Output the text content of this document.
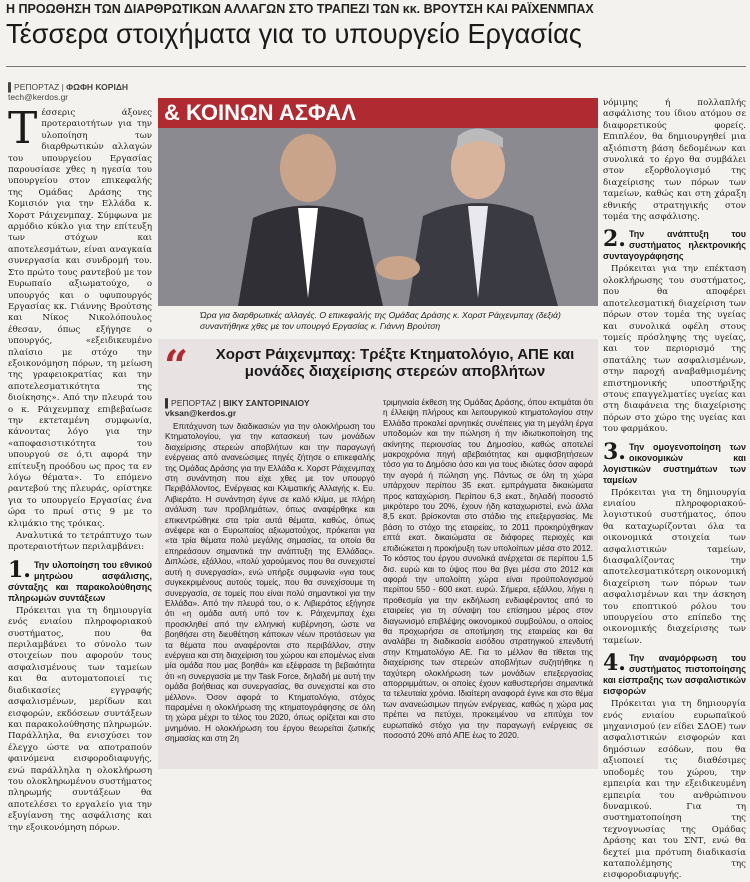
Η ΠΡΟΩΘΗΣΗ ΤΩΝ ΔΙΑΡΘΡΩΤΙΚΩΝ ΑΛΛΑΓΩΝ ΣΤΟ ΤΡΑΠΕΖΙ ΤΩΝ κκ. ΒΡΟΥΤΣΗ ΚΑΙ ΡΑΪΧΕΝΜΠΑΧ
Τέσσερα στοιχήματα για το υπουργείο Εργασίας
▌ΡΕΠΟΡΤΑΖ | ΦΩΦΗ ΚΟΡΙΔΗ
tech@kerdos.gr

Τέσσερις άξονες προτεραιοτήτων για την υλοποίηση των διαρθρωτικών αλλαγών του υπουργείου Εργασίας παρουσίασε χθες η ηγεσία του υπουργείου στον επικεφαλής της Ομάδας Δράσης της Κομισιόν για την Ελλάδα κ. Χορστ Ράιχενμπαχ. Σύμφωνα με αρμόδιο κύκλο για την επίτευξη των στόχων και αποτελεσμάτων, είναι αναγκαία συνεργασία και συνδρομή του. Στο πρώτο τους ραντεβού με τον Ευρωπαίο αξιωματούχο, ο υπουργός και ο υφυπουργός Εργασίας κκ. Γιάννης Βρούτσης και Νίκος Νικολόπουλος έθεσαν, όπως εξήγησε ο υπουργός, «εξειδικευμένο πλαίσιο με στόχο την εξοικονόμηση πόρων, τη μείωση της γραφειοκρατίας και την αποτελεσματικότητα της διοίκησης». Από την πλευρά του ο κ. Ράιχενμπαχ επιβεβαίωσε την εκτεταμένη συμφωνία, κάνοντας λόγο για την «αποφασιστικότητα του υπουργού σε ό,τι αφορά την επίτευξη προόδου ως προς τα εν λόγω θέματα». Το επόμενο ραντεβού της πλευράς, ορίστηκε για το υπουργείο Εργασίας ένα ώρα το πρωί στις 9 με το κλιμάκιο της τρόικας.

Αναλυτικά το τετράπτυχο των προτεραιοτήτων περιλαμβάνει:

1. Την υλοποίηση του εθνικού μητρώου ασφάλισης, σύνταξης και παρακολούθησης πληρωμών συντάξεων

Πρόκειται για τη δημιουργία ενός ενιαίου πληροφοριακού συστήματος, που θα περιλαμβάνει το σύνολο των στοιχείων που αφορούν τους ασφαλισμένους των ταμείων και θα αυτοματοποιεί τις διαδικασίες εγγραφής ασφαλισμένων, μερίδων και εισφορών, εκδόσεων συντάξεων και παρακολούθησης πληρωμών. Παράλληλα, θα ενισχύσει τον έλεγχο ώστε να αποτραπούν φαινόμενα εισφοροδιαφυγής, ενώ παράλληλα η ολοκλήρωση του ολοκληρωμένου συστήματος πληρωμής συντάξεων θα αποτελέσει το εργαλείο για την εξυγίανση της ασφάλισης και την εξοικονόμηση πόρων.

& ΚΟΙΝΩΝ ΑΣΦΑΛ
Ώρα για διαρθρωτικές αλλαγές. Ο επικεφαλής της Ομάδας Δράσης κ. Χορστ Ράιχενμπαχ (δεξιά) συναντήθηκε χθες με τον υπουργό Εργασίας κ. Γιάννη Βρούτση

νόμιμης ή πολλαπλής ασφάλισης του ίδιου ατόμου σε διαφορετικούς φορείς. Επιπλέον, θα δημιουργηθεί μια αξιόπιστη βάση δεδομένων και συνολικά το έργο θα συμβάλει στον εξορθολογισμό της διαχείρισης των πόρων των ταμείων, καθώς και στη χάραξη εθνικής στρατηγικής στον τομέα της ασφάλισης.

2. Την ανάπτυξη του συστήματος ηλεκτρονικής συνταγογράφησης

Πρόκειται για την επέκταση ολοκλήρωσης του συστήματος, που θα αποφέρει αποτελεσματική διαχείριση των πόρων στον τομέα της υγείας και συνολικά οφέλη στους τομείς πρόσληψης της υγείας, και τον περιορισμό της σπατάλης των ασφαλισμένων, στην παροχή αναβαθμισμένης επιστημονικής υποστήριξης στους επαγγελματίες υγείας και στη διαφάνεια της διαχείρισης πόρων στο χώρο της υγείας και του φαρμάκου.

3. Την ομογενοποίηση των οικονομικών και λογιστικών συστημάτων των ταμείων

Πρόκειται για τη δημιουργία ενιαίου πληροφοριακού-λογιστικού συστήματος, όπου θα καταχωρίζονται όλα τα οικονομικά στοιχεία των ασφαλιστικών ταμείων, διασφαλίζοντας την αποτελεσματικότερη οικονομική διαχείριση των πόρων των ασφαλισμένων και την άσκηση του εποπτικού ρόλου του υπουργείου στο επίπεδο της οικονομικής διαχείρισης των ταμείων.

4. Την αναμόρφωση του συστήματος πιστοποίησης και είσπραξης των ασφαλιστικών εισφορών

Πρόκειται για τη δημιουργία ενός ενιαίου ευρωπαϊκού μηχανισμού (εν είδει ΣΔΟΕ) των ασφαλιστικών εισφορών και δημόσιων εσόδων, που θα αξιοποιεί τις διαθέσιμες υποδομές του χώρου, την εμπειρία και την εξειδικευμένη εμπειρία του ανθρώπινου δυναμικού. Για τη συστηματοποίηση της τεχνογνωσίας της Ομάδας Δράσης και του ΣΝΤ, ενώ θα δεχτεί μια πρότυπη διαδικασία καταπολέμησης της εισφοροδιαφυγής.

“	Χορστ Ράιχενμπαχ: Τρέξτε Κτηματολόγιο, ΑΠΕ και μονάδες διαχείρισης στερεών αποβλήτων
▌ΡΕΠΟΡΤΑΖ | ΒΙΚΥ ΣΑΝΤΟΡΙΝΑΙΟΥ
vksan@kerdos.gr

Επιτάχυνση των διαδικασιών για την ολοκλήρωση του Κτηματολογίου, για την κατασκευή των μονάδων διαχείρισης στερεών αποβλήτων και την παραγωγή ενέργειας από ανανεώσιμες πηγές ζήτησε ο επικεφαλής της Ομάδας Δράσης για την Ελλάδα κ. Χορστ Ράιχενμπαχ στη συνάντηση που είχε χθες με τον υπουργό Περιβάλλοντος, Ενέργειας και Κλιματικής Αλλαγής κ. Ευ. Λιβιεράτο. Η συνάντηση έγινε σε καλό κλίμα, με πλήρη ανάλυση των προβλημάτων, όπως αναφέρθηκε και επικεντρώθηκε στα τρία αυτά θέματα, καθώς, όπως ανέφερε και ο Ευρωπαίος αξιωματούχος, πρόκειται για «τα τρία θέματα πολύ μεγάλης σημασίας, τα οποία θα επηρεάσουν σημαντικά την ανάπτυξη της Ελλάδας». Διπλώσε, εξάλλου, «πολύ χαρούμενος που θα συνεχιστεί αυτή η συνεργασία», ενώ υπήρξε συμφωνία «για τους συγκεκριμένους αυτούς τομείς, που θα συνεχίσουμε τη συνεργασία, σε τομείς που είναι πολύ σημαντικοί για την Ελλάδα». Από την πλευρά του, ο κ. Λιβιεράτος εξήγησε ότι «η ομάδα αυτή υπό τον κ. Ράιχενμπαχ έχει προσκληθεί από την ελληνική κυβέρνηση, ώστε να βοηθήσει στη διευθέτηση κάποιων νέων προτάσεων για τα θέματα που αναφέρονται στο περιβάλλον, στην ενέργεια και στη διαχείριση του χώρου και επομένως είναι μία ομάδα που μας βοηθά» και εξέφρασε τη βεβαιότητα ότι «η συνεργασία με την Task Force, δηλαδή με αυτή την ομάδα βοήθειας και συνεργασίας, θα συνεχιστεί και στο μέλλον». Όσον αφορά το Κτηματολόγιο, στόχος παραμένει η ολοκλήρωση της κτηματογράφησης σε όλη τη χώρα μέχρι το τέλος του 2020, όπως ορίζεται και στο μνημόνιο. Η ολοκλήρωση του έργου θεωρείται ζωτικής σημασίας και στη 2η

τριμηνιαία έκθεση της Ομάδας Δράσης, όπου εκτιμάται ότι η έλλειψη πλήρους και λειτουργικού κτηματολογίου στην Ελλάδα προκαλεί αρνητικές συνέπειες για τη μεγάλη έργα υποδομών και την πώληση ή την ιδιωτικοποίηση της ακίνητης περιουσίας του Δημοσίου, καθώς αποτελεί μακροχρόνια πηγή αβεβαιότητας και αμφισβητήσεων τόσο για το Δημόσιο όσο και για τους ιδιώτες όσον αφορά την αγορά ή πώληση γης. Πάντως σε όλη τη χώρα υπάρχουν περίπου 35 εκατ. εμπράγματα δικαιώματα προς καταχώριση. Περίπου 6,3 εκατ., δηλαδή ποσοστό μικρότερο του 20%, έχουν ήδη καταχωριστεί, ενώ άλλα 8,5 εκατ. βρίσκονται στο στάδιο της επεξεργασίας. Με βάση το στόχο της εταιρείας, το 2011 προκηρύχθηκαν επτά εκατ. δικαιώματα σε διάφορες περιοχές και επιδιώκεται η προκήρυξη των υπολοίπων μέσα στο 2012. Το κόστος του έργου συνολικά ανέρχεται σε περίπου 1,5 δισ. ευρώ και το ύψος που θα βγει μέσα στο 2012 και αφορά την υπολοίπη χώρα είναι προϋπολογισμού περίπου 550 - 600 εκατ. ευρώ. Σήμερα, εξάλλου, λήγει η προθεσμία για την εκδήλωση ενδιαφέροντος από το εταιρείες για τη σύναψη του επίσημου μέρος στον διαγωνισμό επιβλέψης οικονομικού συμβούλου, ο οποίος θα προχωρήσει σε αποτίμηση της εταιρείας και θα αναλάβει τη διαδικασία εισόδου στρατηγικού επενδυτή στην Κτηματολόγιο ΑΕ. Για το μέλλον θα τίθεται της διαχείρισης των στερεών αποβλήτων συζητήθηκε η ταχύτερη ολοκλήρωση των μονάδων επεξεργασίας απορριμμάτων, οι οποίες έχουν καθυστερήσει σημαντικά τα τελευταία χρόνια. Ιδιαίτερη αναφορά έγινε και στο θέμα των ανανεώσιμων πηγών ενέργειας, καθώς η χώρα μας πρέπει να πετύχει, προκειμένου να επιτύχει τον ευρωπαϊκό στόχο για την παραγωγή ενέργειας σε ποσοστό 20% από ΑΠΕ έως το 2020.
